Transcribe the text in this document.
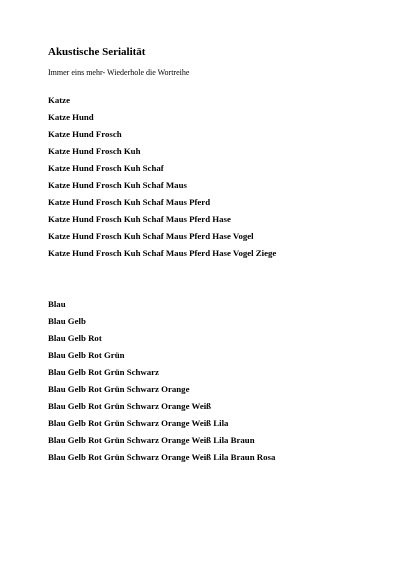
Akustische Serialität

Immer eins mehr- Wiederhole die Wortreihe

Katze
Katze Hund
Katze Hund Frosch
Katze Hund Frosch Kuh
Katze Hund Frosch Kuh Schaf
Katze Hund Frosch Kuh Schaf Maus
Katze Hund Frosch Kuh Schaf Maus Pferd
Katze Hund Frosch Kuh Schaf Maus Pferd Hase
Katze Hund Frosch Kuh Schaf Maus Pferd Hase Vogel
Katze Hund Frosch Kuh Schaf Maus Pferd Hase Vogel Ziege
Blau
Blau Gelb
Blau Gelb Rot
Blau Gelb Rot Grün
Blau Gelb Rot Grün Schwarz
Blau Gelb Rot Grün Schwarz Orange
Blau Gelb Rot Grün Schwarz Orange Weiß
Blau Gelb Rot Grün Schwarz Orange Weiß Lila
Blau Gelb Rot Grün Schwarz Orange Weiß Lila Braun
Blau Gelb Rot Grün Schwarz Orange Weiß Lila Braun Rosa
